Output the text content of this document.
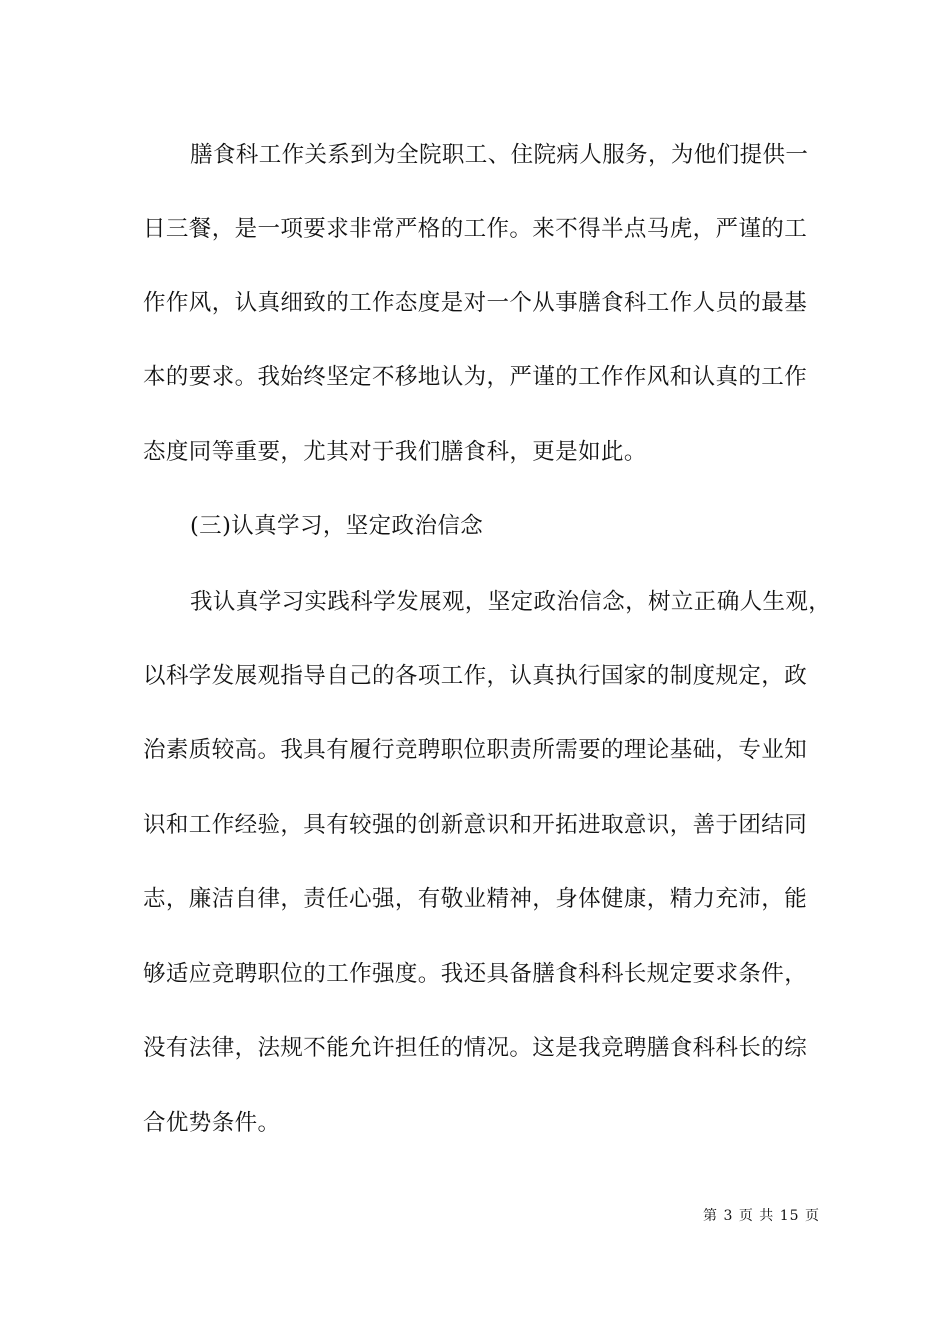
膳食科工作关系到为全院职工、住院病人服务，为他们提供一
日三餐，是一项要求非常严格的工作。来不得半点马虎，严谨的工
作作风，认真细致的工作态度是对一个从事膳食科工作人员的最基
本的要求。我始终坚定不移地认为，严谨的工作作风和认真的工作
态度同等重要，尤其对于我们膳食科，更是如此。
(三)认真学习，坚定政治信念
我认真学习实践科学发展观，坚定政治信念，树立正确人生观，
以科学发展观指导自己的各项工作，认真执行国家的制度规定，政
治素质较高。我具有履行竞聘职位职责所需要的理论基础，专业知
识和工作经验，具有较强的创新意识和开拓进取意识，善于团结同
志，廉洁自律，责任心强，有敬业精神，身体健康，精力充沛，能
够适应竞聘职位的工作强度。我还具备膳食科科长规定要求条件，
没有法律，法规不能允许担任的情况。这是我竞聘膳食科科长的综
合优势条件。
第 3 页 共 15 页
